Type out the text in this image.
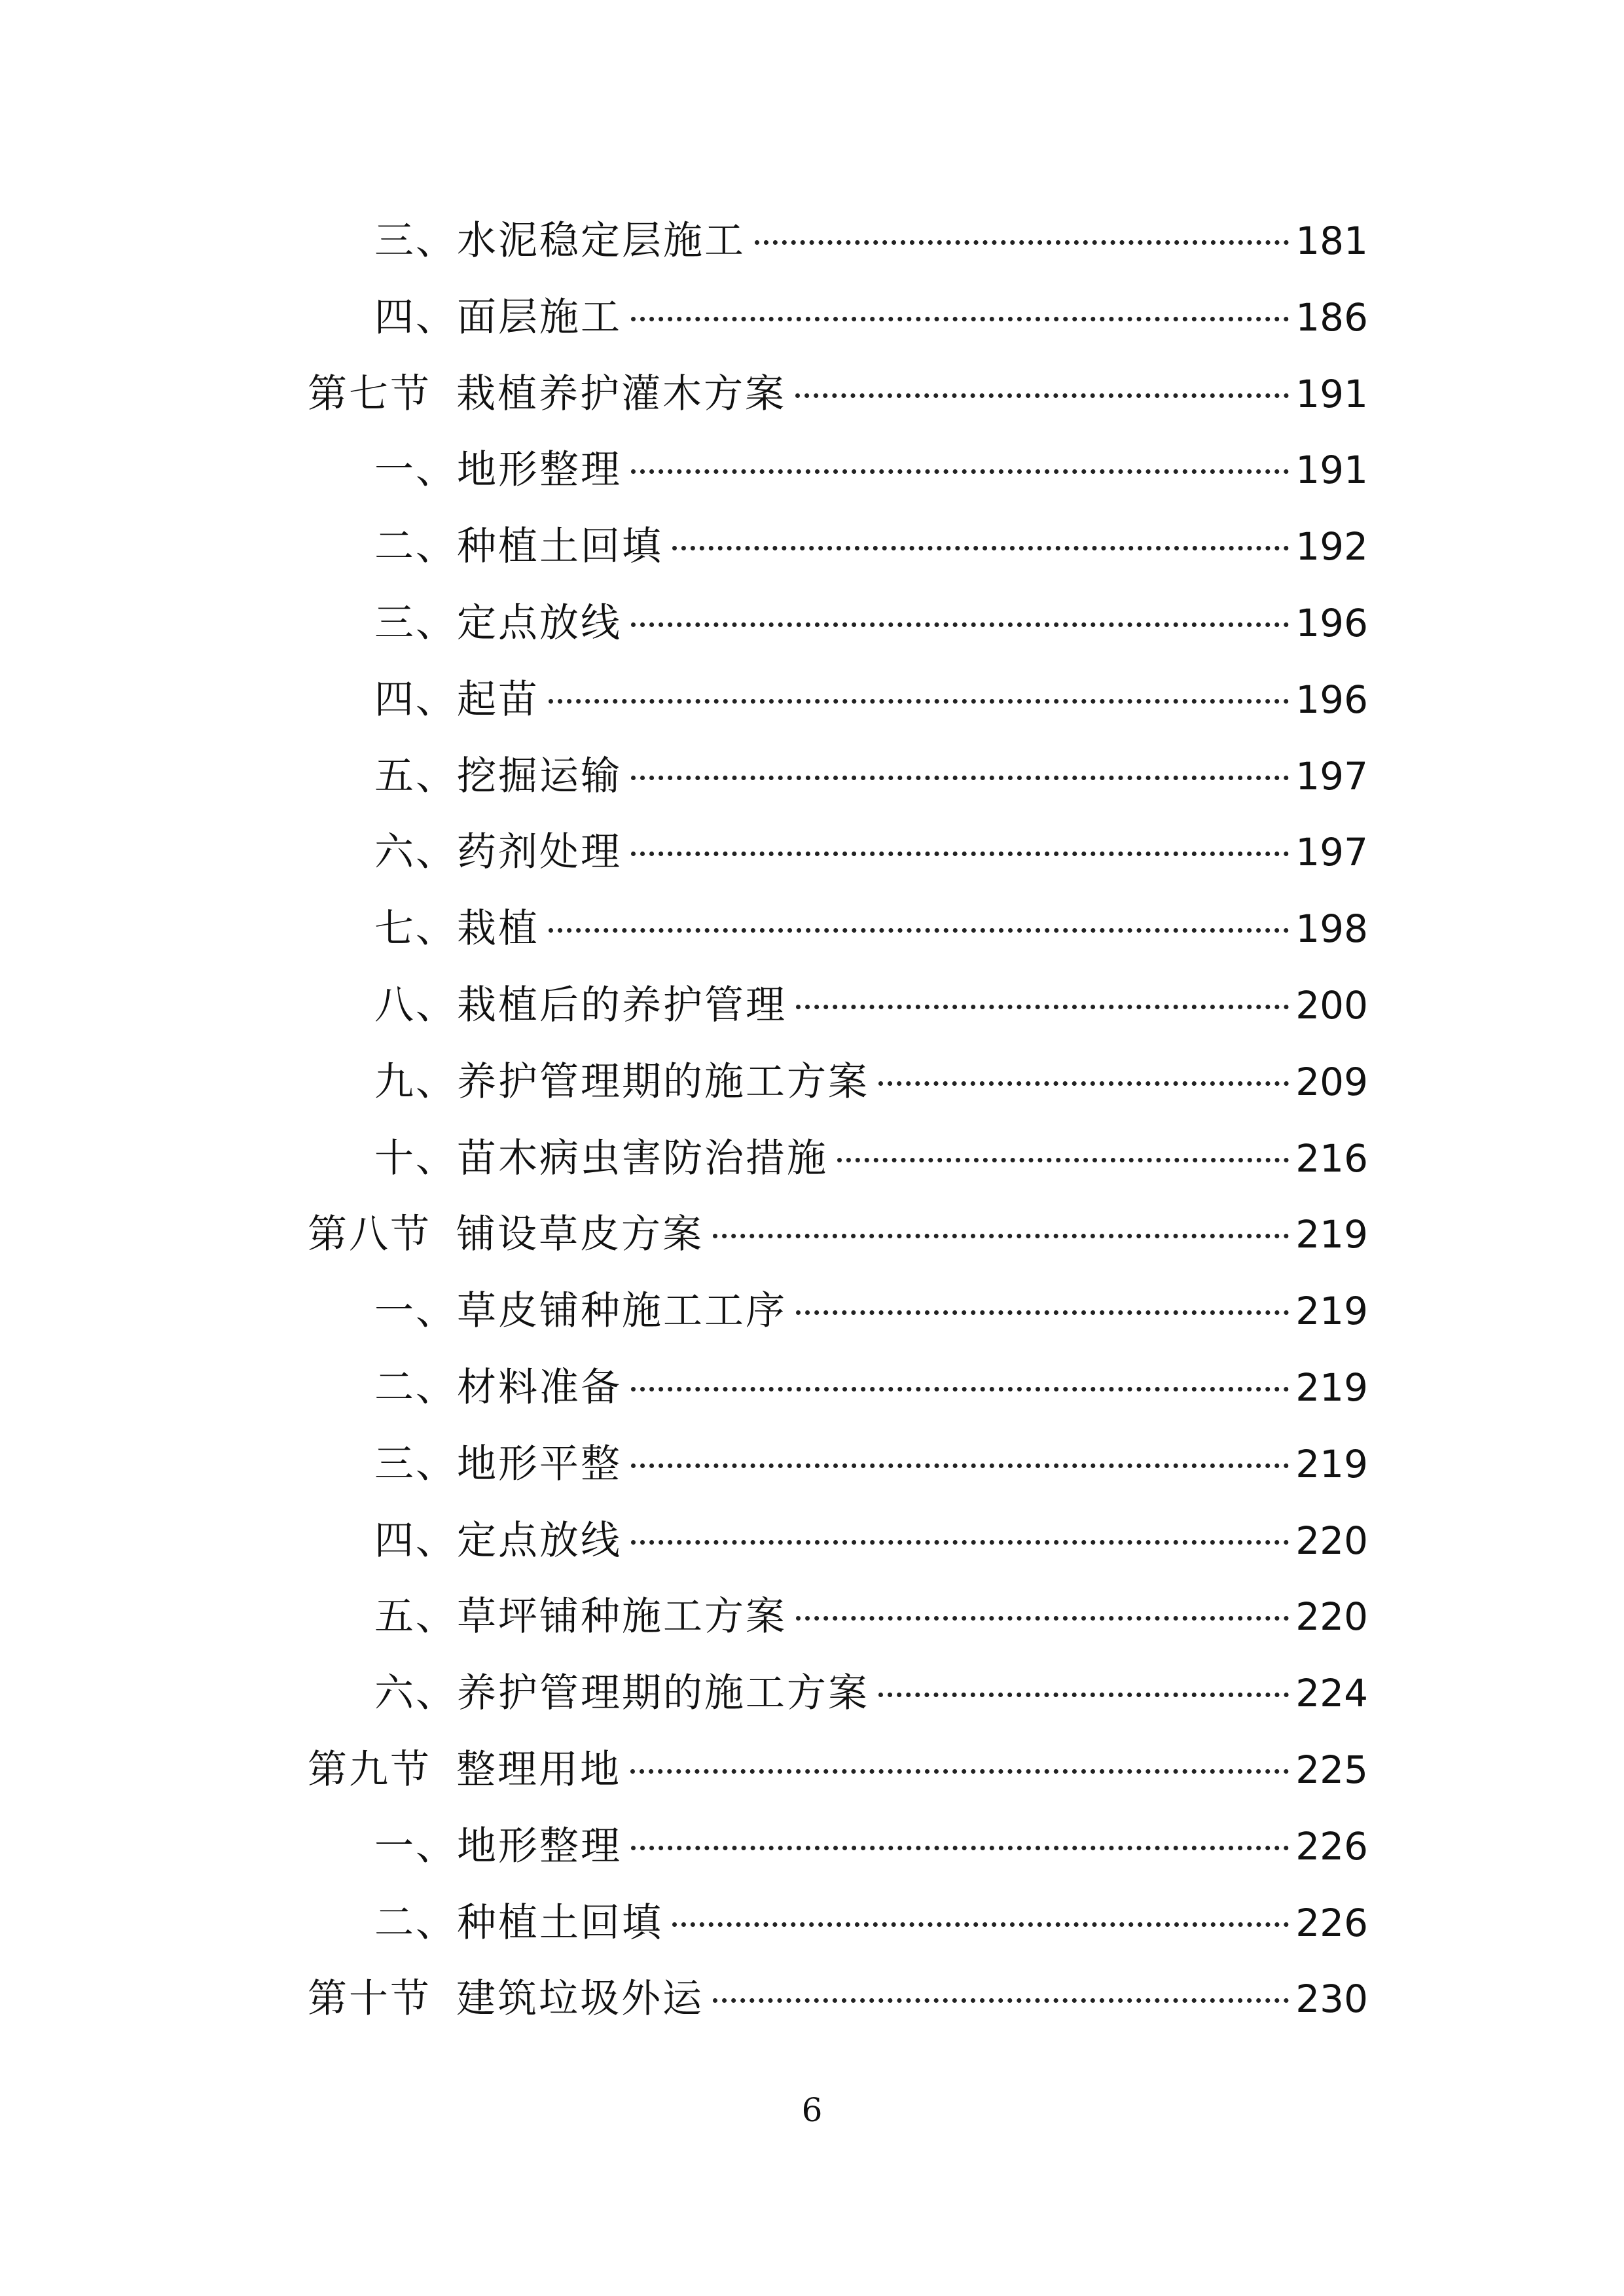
三、水泥稳定层施工	181
四、面层施工	186
第七节 栽植养护灌木方案	191
一、地形整理	191
二、种植土回填	192
三、定点放线	196
四、起苗	196
五、挖掘运输	197
六、药剂处理	197
七、栽植	198
八、栽植后的养护管理	200
九、养护管理期的施工方案	209
十、苗木病虫害防治措施	216
第八节 铺设草皮方案	219
一、草皮铺种施工工序	219
二、材料准备	219
三、地形平整	219
四、定点放线	220
五、草坪铺种施工方案	220
六、养护管理期的施工方案	224
第九节 整理用地	225
一、地形整理	226
二、种植土回填	226
第十节 建筑垃圾外运	230
6
